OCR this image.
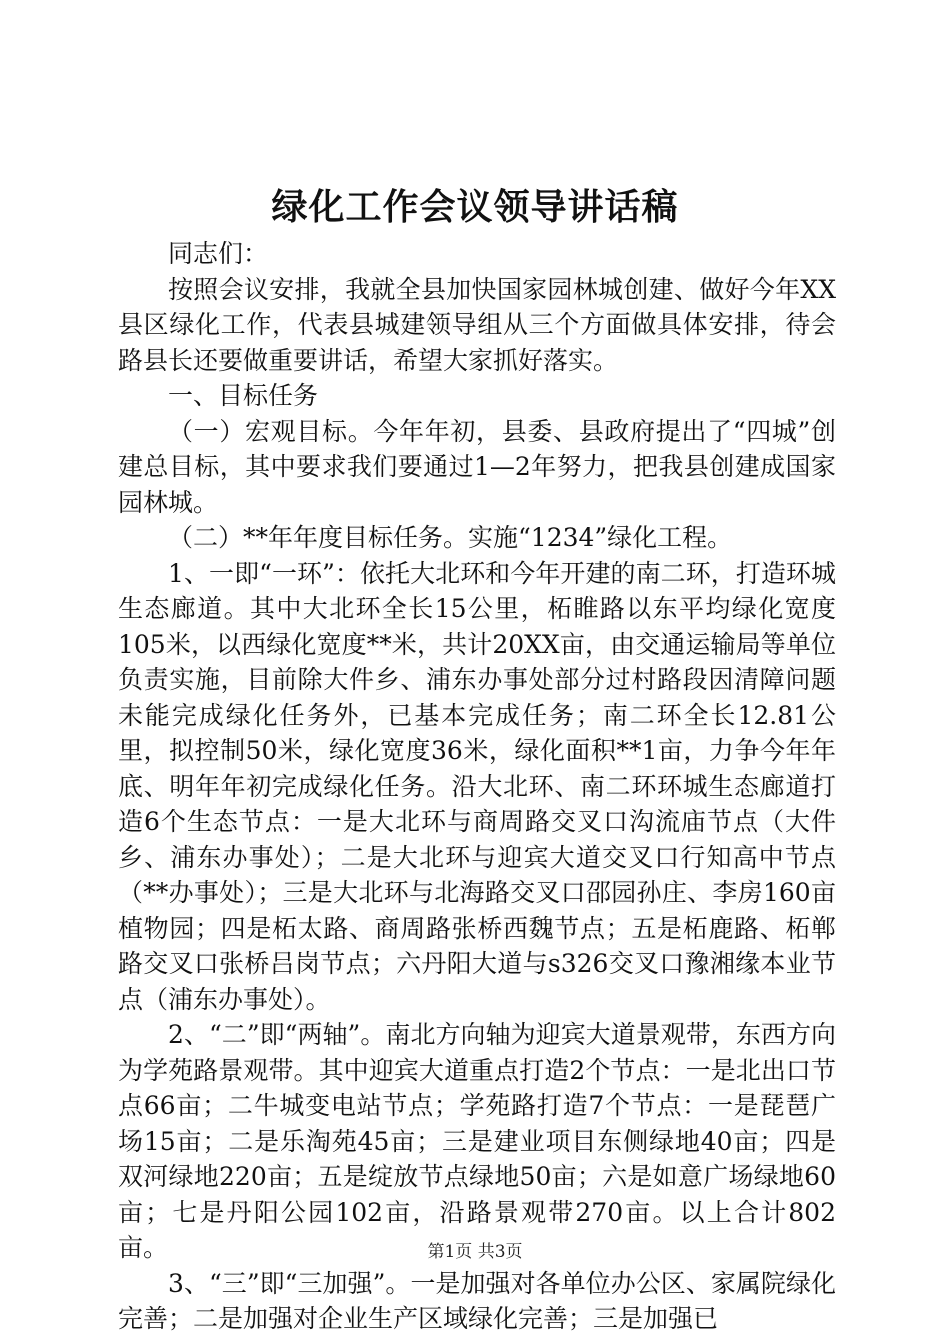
绿化工作会议领导讲话稿

同志们：

按照会议安排，我就全县加快国家园林城创建、做好今年XX县区绿化工作，代表县城建领导组从三个方面做具体安排，待会路县长还要做重要讲话，希望大家抓好落实。

一、目标任务

（一）宏观目标。今年年初，县委、县政府提出了“四城”创建总目标，其中要求我们要通过1—2年努力，把我县创建成国家园林城。

（二）**年年度目标任务。实施“1234”绿化工程。

1、一即“一环”：依托大北环和今年开建的南二环，打造环城生态廊道。其中大北环全长15公里，柘睢路以东平均绿化宽度105米，以西绿化宽度**米，共计20XX亩，由交通运输局等单位负责实施，目前除大件乡、浦东办事处部分过村路段因清障问题未能完成绿化任务外，已基本完成任务；南二环全长12.81公里，拟控制50米，绿化宽度36米，绿化面积**1亩，力争今年年底、明年年初完成绿化任务。沿大北环、南二环环城生态廊道打造6个生态节点：一是大北环与商周路交叉口沟流庙节点（大件乡、浦东办事处）；二是大北环与迎宾大道交叉口行知高中节点（**办事处）；三是大北环与北海路交叉口邵园孙庄、李房160亩植物园；四是柘太路、商周路张桥西魏节点；五是柘鹿路、柘郸路交叉口张桥吕岗节点；六丹阳大道与s326交叉口豫湘缘本业节点（浦东办事处）。

2、“二”即“两轴”。南北方向轴为迎宾大道景观带，东西方向为学苑路景观带。其中迎宾大道重点打造2个节点：一是北出口节点66亩；二牛城变电站节点；学苑路打造7个节点：一是琵琶广场15亩；二是乐淘苑45亩；三是建业项目东侧绿地40亩；四是双河绿地220亩；五是绽放节点绿地50亩；六是如意广场绿地60亩；七是丹阳公园102亩，沿路景观带270亩。以上合计802亩。

3、“三”即“三加强”。一是加强对各单位办公区、家属院绿化完善；二是加强对企业生产区域绿化完善；三是加强已

第1页 共3页
